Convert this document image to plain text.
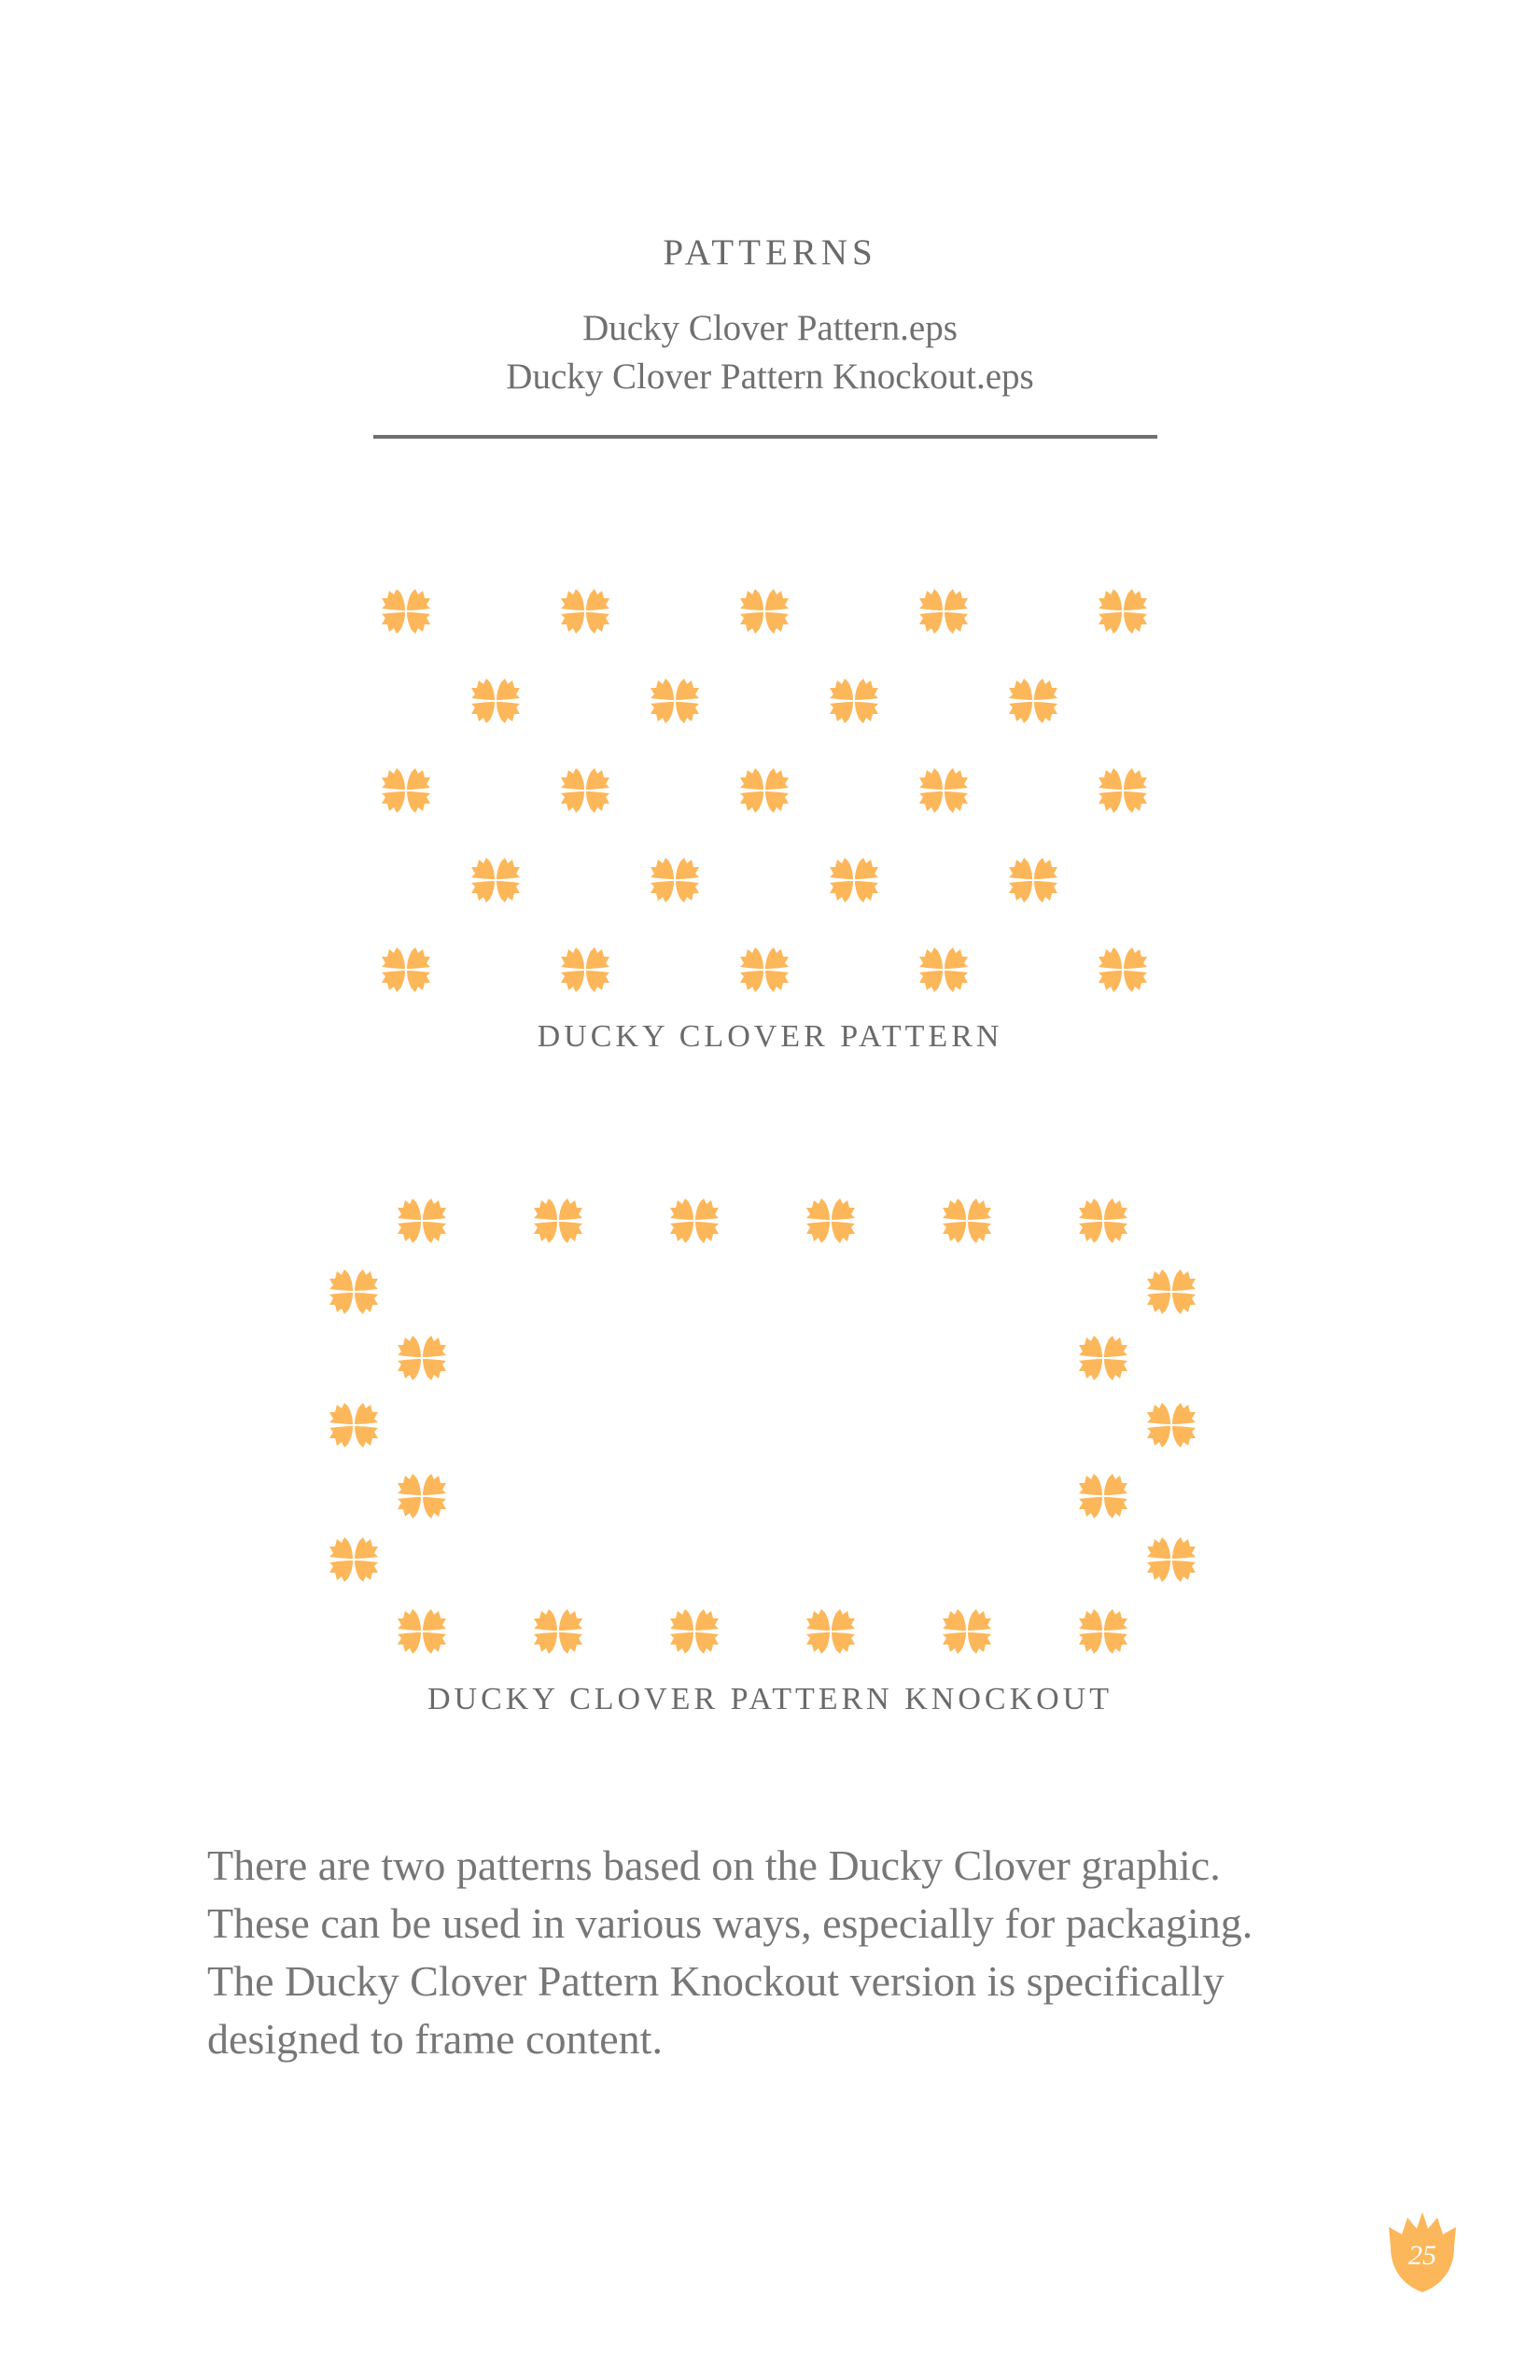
PATTERNS
Ducky Clover Pattern.eps
Ducky Clover Pattern Knockout.eps
DUCKY CLOVER PATTERN
DUCKY CLOVER PATTERN KNOCKOUT
There are two patterns based on the Ducky Clover graphic.
These can be used in various ways, especially for packaging.
The Ducky Clover Pattern Knockout version is specifically
designed to frame content.
25
